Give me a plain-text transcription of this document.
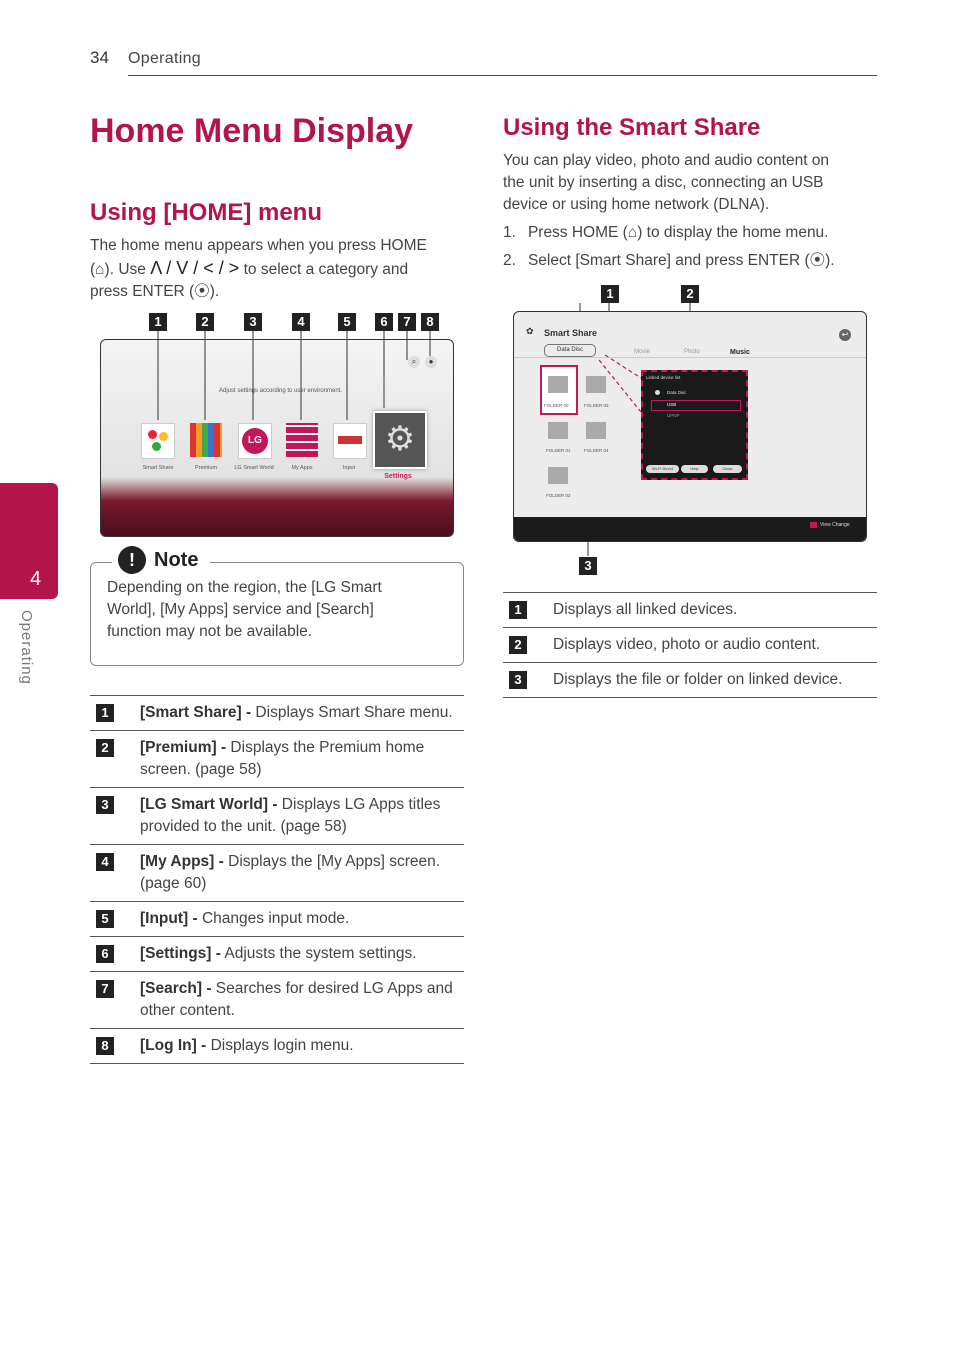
34 Operating
4
Operating
Home Menu Display
Using [HOME] menu
The home menu appears when you press HOME
(⌂). Use Λ / V / < / > to select a category and
press ENTER (⦿).
1	2	3	4	5	6	7	8
Adjust settings according to user environment.
⌕	●
LG	⚙
Smart Share	Premium	LG Smart World	My Apps	Input
Settings
! Note
Depending on the region, the [LG Smart
World], [My Apps] service and [Search]
function may not be available.
1	[Smart Share] - Displays Smart Share menu.
2	[Premium] - Displays the Premium home
screen. (page 58)
3	[LG Smart World] - Displays LG Apps titles
provided to the unit. (page 58)
4	[My Apps] - Displays the [My Apps] screen.
(page 60)
5	[Input] - Changes input mode.
6	[Settings] - Adjusts the system settings.
7	[Search] - Searches for desired LG Apps and
other content.
8	[Log In] - Displays login menu.
Using the Smart Share
You can play video, photo and audio content on
the unit by inserting a disc, connecting an USB
device or using home network (DLNA).
1. Press HOME (⌂) to display the home menu.
2. Select [Smart Share] and press ENTER (⦿).
1	2
3
✿ Smart Share
Data Disc	Movie	Photo	Music
↩
FOLDER 00	FOLDER 03
FOLDER 01	FOLDER 04
FOLDER 02
Linked device list
Data Disc
USB
UPNP
Wi-Fi Direct	Help	Close
View Change
1	Displays all linked devices.
2	Displays video, photo or audio content.
3	Displays the file or folder on linked device.
